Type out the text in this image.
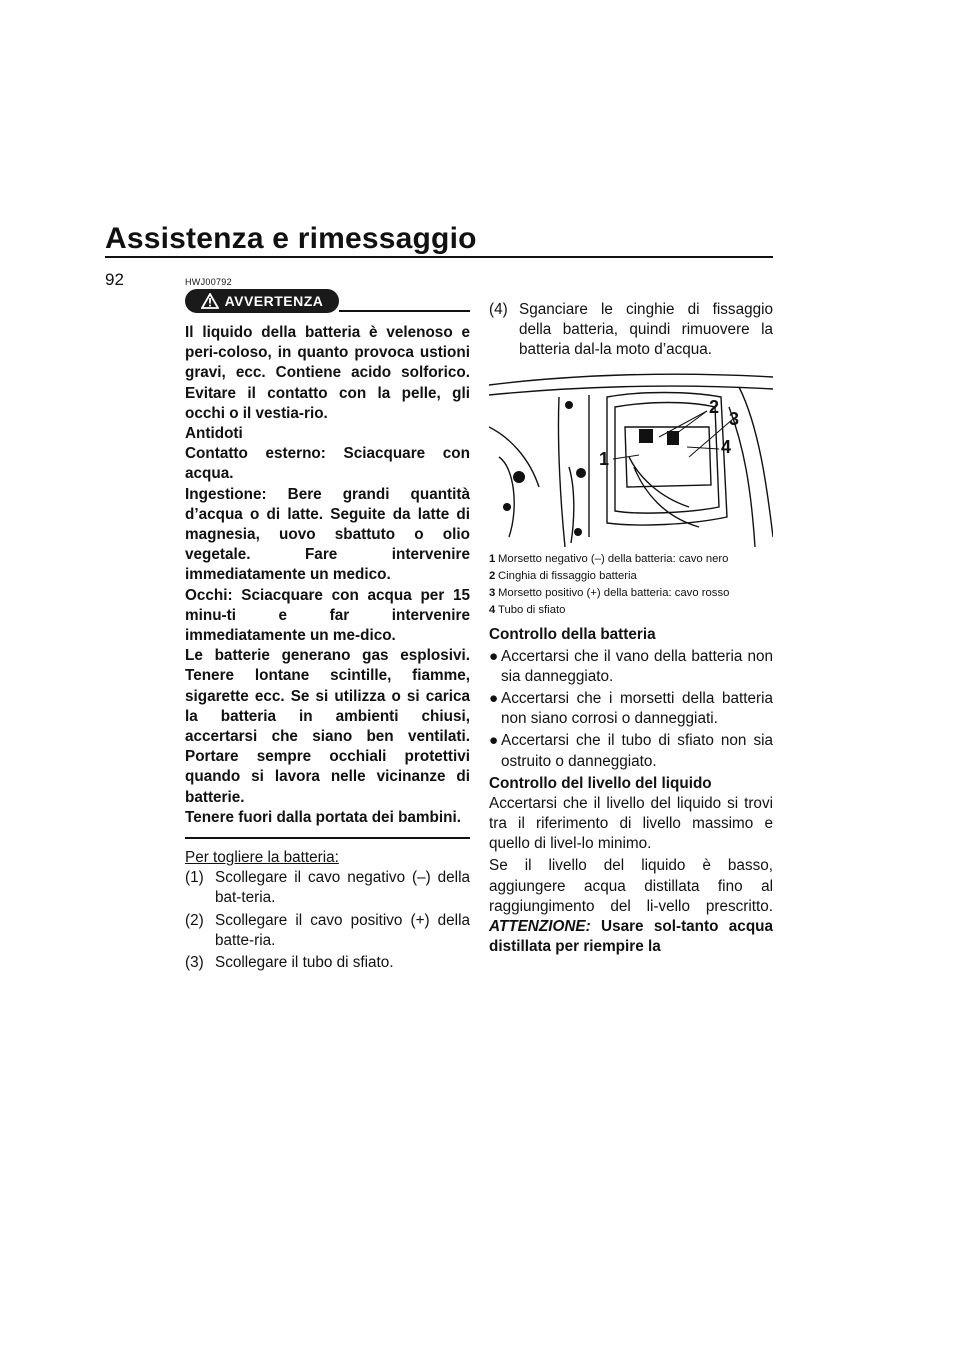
Assistenza e rimessaggio
92	HWJ00792
AVVERTENZA

Il liquido della batteria è velenoso e peri-coloso, in quanto provoca ustioni gravi, ecc. Contiene acido solforico. Evitare il contatto con la pelle, gli occhi o il vestia-rio.

Antidoti

Contatto esterno: Sciacquare con acqua.

Ingestione: Bere grandi quantità d’acqua o di latte. Seguite da latte di magnesia, uovo sbattuto o olio vegetale. Fare intervenire immediatamente un medico.

Occhi: Sciacquare con acqua per 15 minu-ti e far intervenire immediatamente un me-dico.

Le batterie generano gas esplosivi. Tenere lontane scintille, fiamme, sigarette ecc. Se si utilizza o si carica la batteria in ambienti chiusi, accertarsi che siano ben ventilati. Portare sempre occhiali protettivi quando si lavora nelle vicinanze di batterie.

Tenere fuori dalla portata dei bambini.

Per togliere la batteria:
(1) Scollegare il cavo negativo (–) della bat-teria.
(2) Scollegare il cavo positivo (+) della batte-ria.
(3) Scollegare il tubo di sfiato.
(4) Sganciare le cinghie di fissaggio della batteria, quindi rimuovere la batteria dal-la moto d’acqua.
1
2
3
4
1 Morsetto negativo (–) della batteria: cavo nero
2 Cinghia di fissaggio batteria
3 Morsetto positivo (+) della batteria: cavo rosso
4 Tubo di sfiato
Controllo della batteria
● Accertarsi che il vano della batteria non sia danneggiato.
● Accertarsi che i morsetti della batteria non siano corrosi o danneggiati.
● Accertarsi che il tubo di sfiato non sia ostruito o danneggiato.
Controllo del livello del liquido
Accertarsi che il livello del liquido si trovi tra il riferimento di livello massimo e quello di livel-lo minimo.
Se il livello del liquido è basso, aggiungere acqua distillata fino al raggiungimento del li-vello prescritto. ATTENZIONE: Usare sol-tanto acqua distillata per riempire la
